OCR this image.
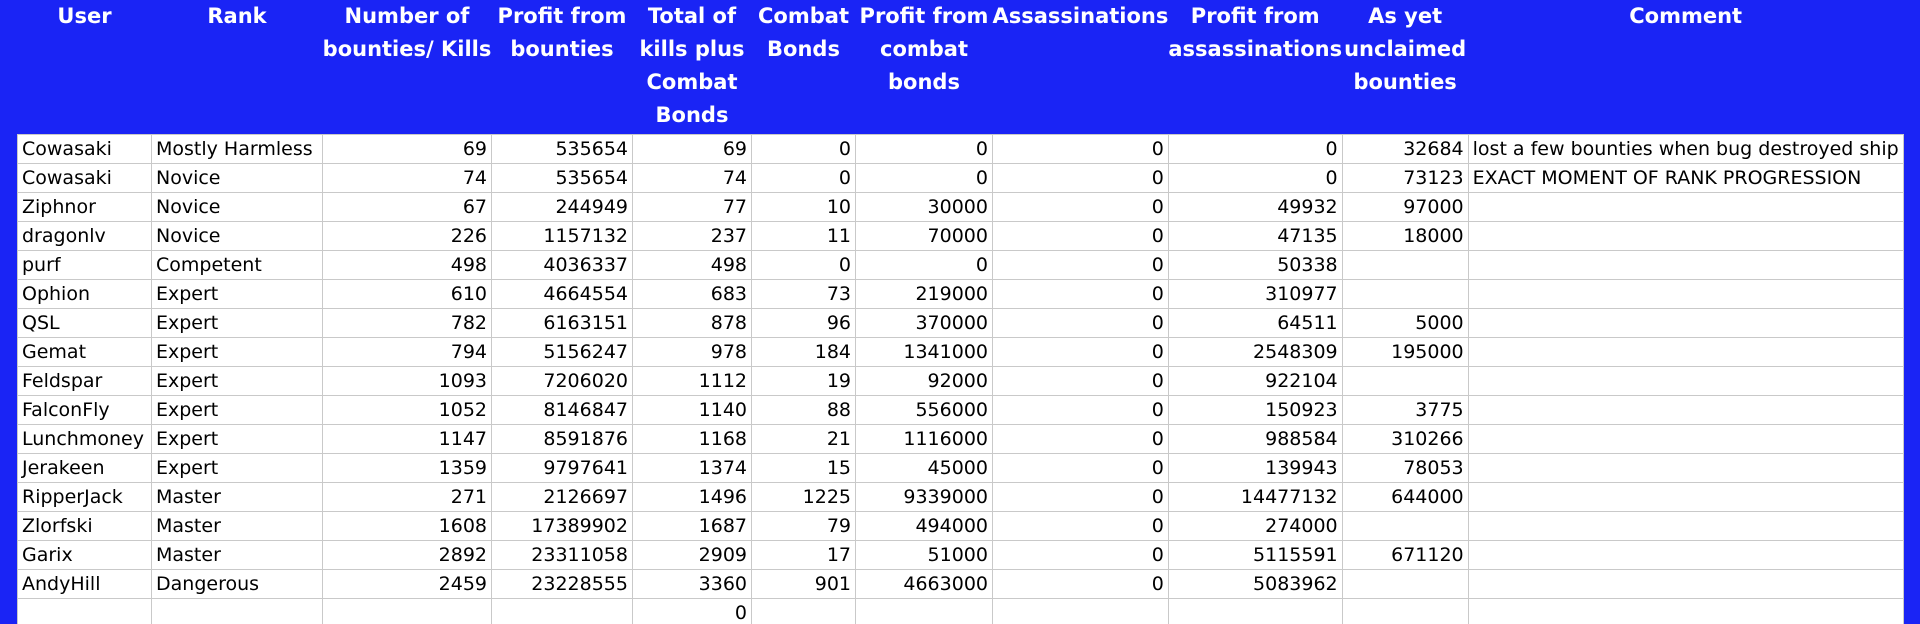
User	Rank	Number of bounties/ Kills	Profit from bounties	Total of kills plus Combat Bonds	Combat Bonds	Profit from combat bonds	Assassinations	Profit from assassinations	As yet unclaimed bounties	Comment
Cowasaki	Mostly Harmless	69	535654	69	0	0	0	0	32684	lost a few bounties when bug destroyed ship
Cowasaki	Novice	74	535654	74	0	0	0	0	73123	EXACT MOMENT OF RANK PROGRESSION
Ziphnor	Novice	67	244949	77	10	30000	0	49932	97000	
dragonlv	Novice	226	1157132	237	11	70000	0	47135	18000	
purf	Competent	498	4036337	498	0	0	0	50338		
Ophion	Expert	610	4664554	683	73	219000	0	310977		
QSL	Expert	782	6163151	878	96	370000	0	64511	5000	
Gemat	Expert	794	5156247	978	184	1341000	0	2548309	195000	
Feldspar	Expert	1093	7206020	1112	19	92000	0	922104		
FalconFly	Expert	1052	8146847	1140	88	556000	0	150923	3775	
Lunchmoney	Expert	1147	8591876	1168	21	1116000	0	988584	310266	
Jerakeen	Expert	1359	9797641	1374	15	45000	0	139943	78053	
RipperJack	Master	271	2126697	1496	1225	9339000	0	14477132	644000	
Zlorfski	Master	1608	17389902	1687	79	494000	0	274000		
Garix	Master	2892	23311058	2909	17	51000	0	5115591	671120	
AndyHill	Dangerous	2459	23228555	3360	901	4663000	0	5083962		
				0						
